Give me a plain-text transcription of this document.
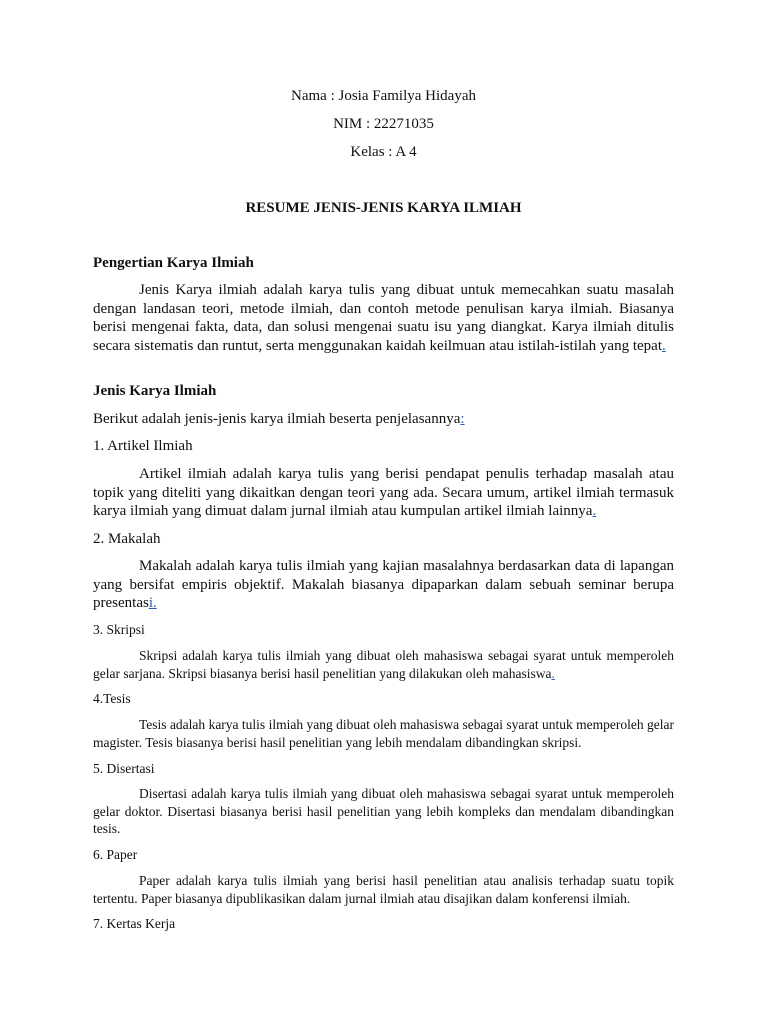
Nama : Josia Familya Hidayah

NIM : 22271035

Kelas : A 4

RESUME JENIS-JENIS KARYA ILMIAH

Pengertian Karya Ilmiah

Jenis Karya ilmiah adalah karya tulis yang dibuat untuk memecahkan suatu masalah dengan landasan teori, metode ilmiah, dan contoh metode penulisan karya ilmiah. Biasanya berisi mengenai fakta, data, dan solusi mengenai suatu isu yang diangkat. Karya ilmiah ditulis secara sistematis dan runtut, serta menggunakan kaidah keilmuan atau istilah-istilah yang tepat.

Jenis Karya Ilmiah

Berikut adalah jenis-jenis karya ilmiah beserta penjelasannya:

1. Artikel Ilmiah

Artikel ilmiah adalah karya tulis yang berisi pendapat penulis terhadap masalah atau topik yang diteliti yang dikaitkan dengan teori yang ada. Secara umum, artikel ilmiah termasuk karya ilmiah yang dimuat dalam jurnal ilmiah atau kumpulan artikel ilmiah lainnya.

2. Makalah

Makalah adalah karya tulis ilmiah yang kajian masalahnya berdasarkan data di lapangan yang bersifat empiris objektif. Makalah biasanya dipaparkan dalam sebuah seminar berupa presentasi.

3. Skripsi

Skripsi adalah karya tulis ilmiah yang dibuat oleh mahasiswa sebagai syarat untuk memperoleh gelar sarjana. Skripsi biasanya berisi hasil penelitian yang dilakukan oleh mahasiswa.

4.Tesis

Tesis adalah karya tulis ilmiah yang dibuat oleh mahasiswa sebagai syarat untuk memperoleh gelar magister. Tesis biasanya berisi hasil penelitian yang lebih mendalam dibandingkan skripsi.

5. Disertasi

Disertasi adalah karya tulis ilmiah yang dibuat oleh mahasiswa sebagai syarat untuk memperoleh gelar doktor. Disertasi biasanya berisi hasil penelitian yang lebih kompleks dan mendalam dibandingkan tesis.

6. Paper

Paper adalah karya tulis ilmiah yang berisi hasil penelitian atau analisis terhadap suatu topik tertentu. Paper biasanya dipublikasikan dalam jurnal ilmiah atau disajikan dalam konferensi ilmiah.

7. Kertas Kerja
